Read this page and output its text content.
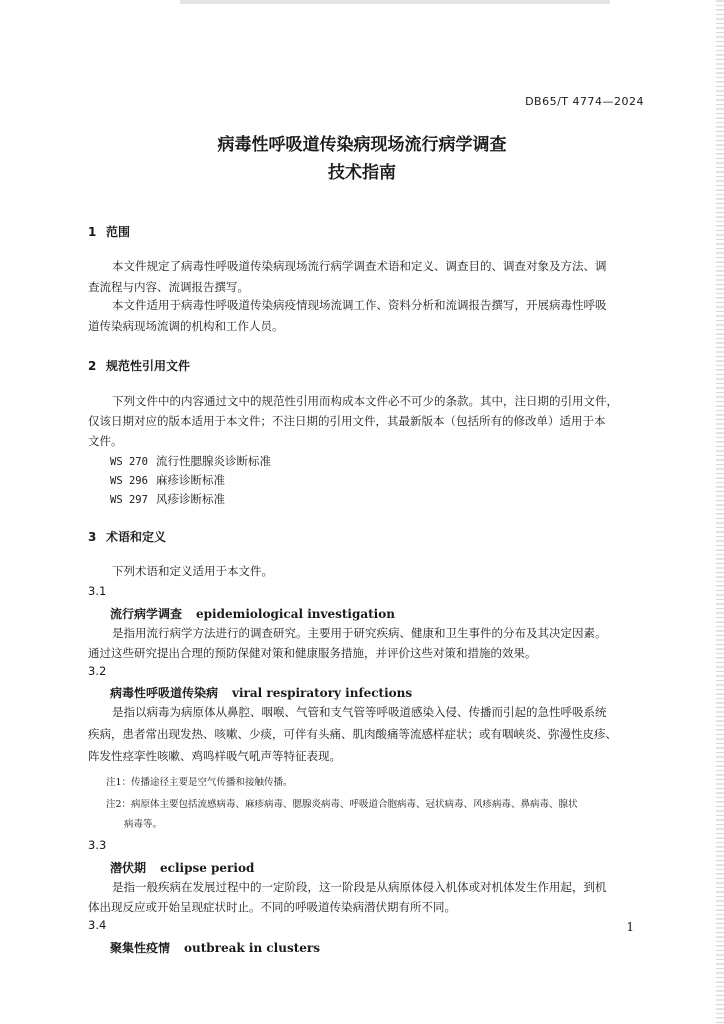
DB65/T 4774—2024
病毒性呼吸道传染病现场流行病学调查
技术指南
1 范围
本文件规定了病毒性呼吸道传染病现场流行病学调查术语和定义、调查目的、调查对象及方法、调
查流程与内容、流调报告撰写。
本文件适用于病毒性呼吸道传染病疫情现场流调工作、资料分析和流调报告撰写，开展病毒性呼吸
道传染病现场流调的机构和工作人员。
2 规范性引用文件
下列文件中的内容通过文中的规范性引用而构成本文件必不可少的条款。其中，注日期的引用文件，
仅该日期对应的版本适用于本文件；不注日期的引用文件，其最新版本（包括所有的修改单）适用于本
文件。
WS 270 流行性腮腺炎诊断标准
WS 296 麻疹诊断标准
WS 297 风疹诊断标准
3 术语和定义
下列术语和定义适用于本文件。
3.1
流行病学调查 epidemiological investigation
是指用流行病学方法进行的调查研究。主要用于研究疾病、健康和卫生事件的分布及其决定因素。
通过这些研究提出合理的预防保健对策和健康服务措施，并评价这些对策和措施的效果。
3.2
病毒性呼吸道传染病 viral respiratory infections
是指以病毒为病原体从鼻腔、咽喉、气管和支气管等呼吸道感染入侵、传播而引起的急性呼吸系统
疾病，患者常出现发热、咳嗽、少痰，可伴有头痛、肌肉酸痛等流感样症状；或有咽峡炎、弥漫性皮疹、
阵发性痉挛性咳嗽、鸡鸣样吸气吼声等特征表现。
注1：传播途径主要是空气传播和接触传播。
注2：病原体主要包括流感病毒、麻疹病毒、腮腺炎病毒、呼吸道合胞病毒、冠状病毒、风疹病毒、鼻病毒、腺状
病毒等。
3.3
潜伏期 eclipse period
是指一般疾病在发展过程中的一定阶段，这一阶段是从病原体侵入机体或对机体发生作用起，到机
体出现反应或开始呈现症状时止。不同的呼吸道传染病潜伏期有所不同。
3.4
聚集性疫情 outbreak in clusters
1
